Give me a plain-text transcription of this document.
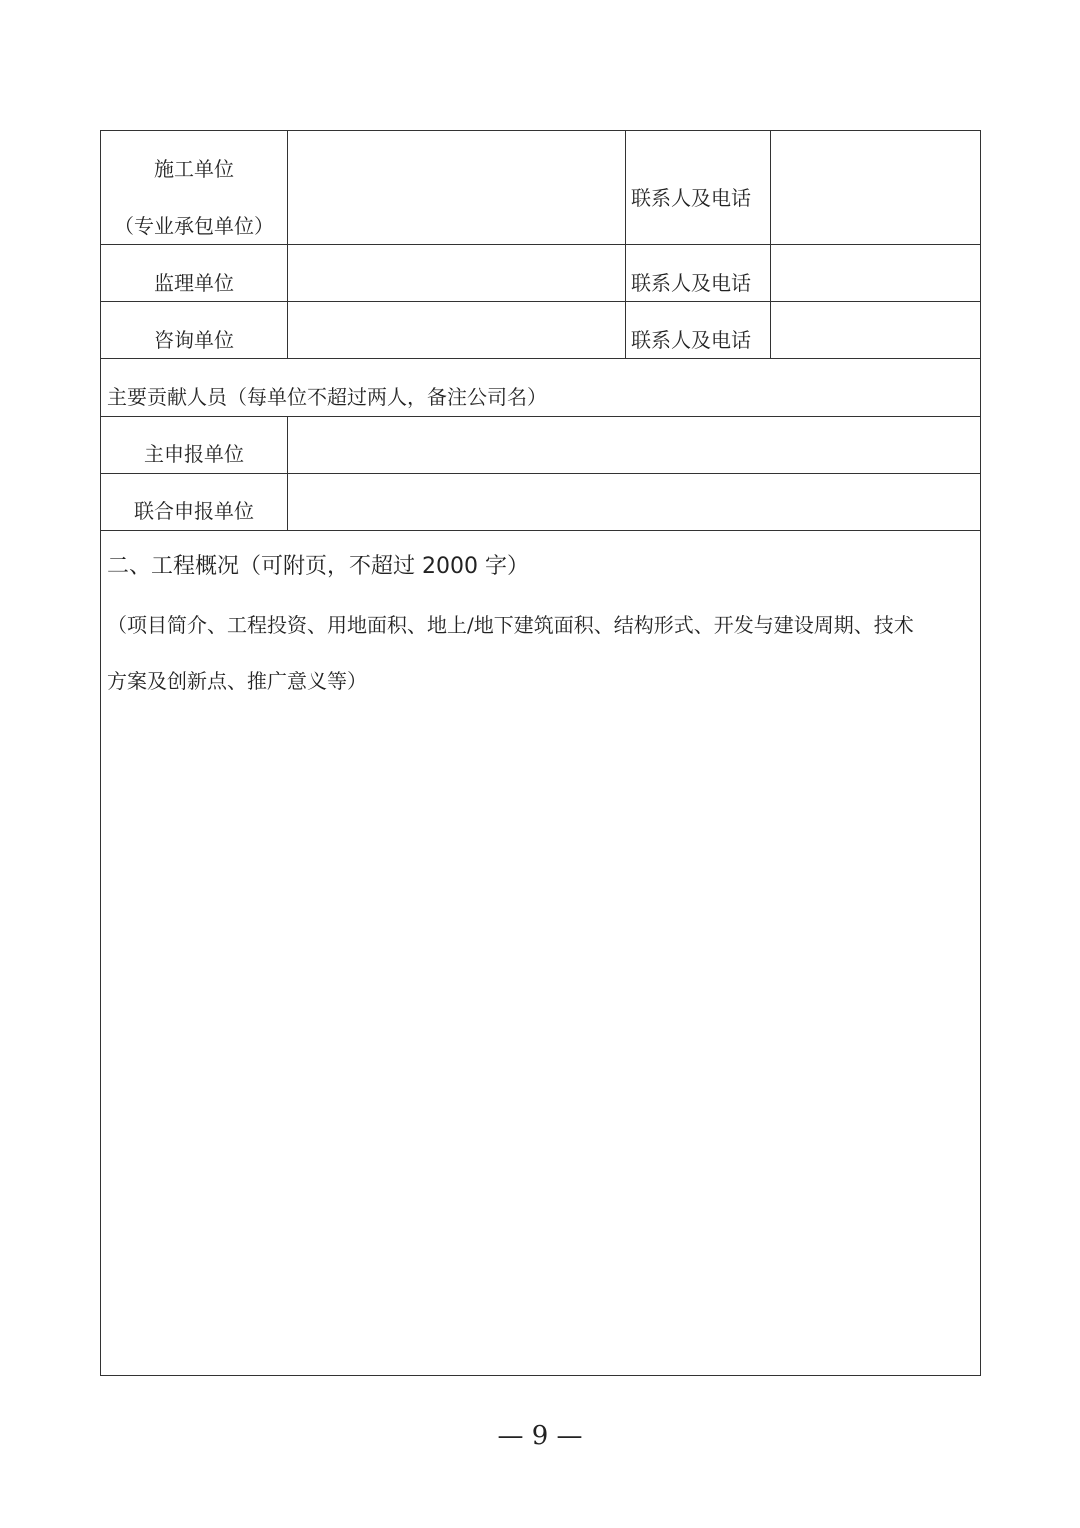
施工单位
（专业承包单位）
联系人及电话
监理单位	联系人及电话
咨询单位	联系人及电话
主要贡献人员（每单位不超过两人，备注公司名）
主申报单位
联合申报单位
二、工程概况（可附页，不超过 2000 字）
（项目简介、工程投资、用地面积、地上/地下建筑面积、结构形式、开发与建设周期、技术
方案及创新点、推广意义等）
— 9 —
